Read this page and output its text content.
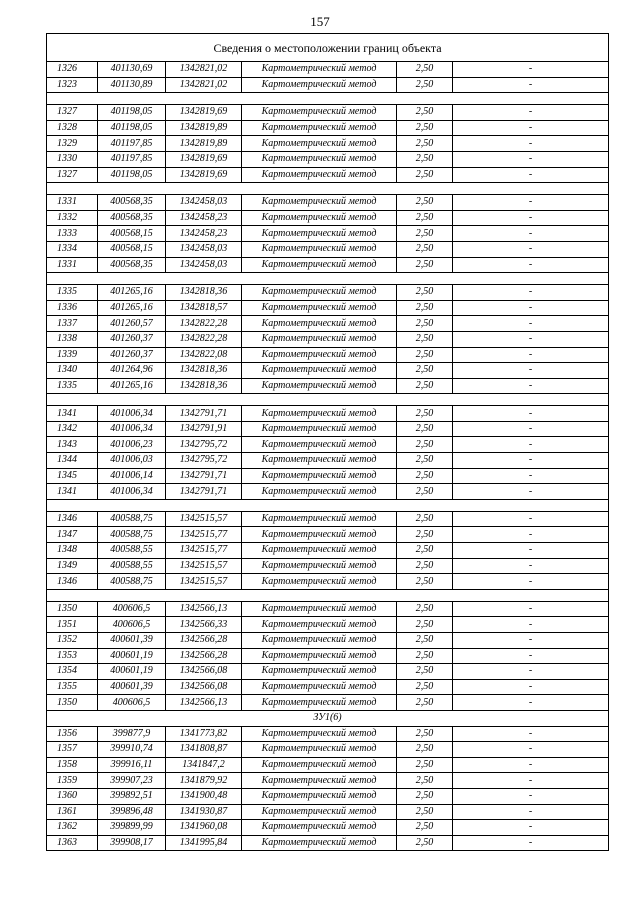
157
Сведения о местоположении границ объекта					
1326	401130,69	1342821,02	Картометрический метод	2,50	-
1323	401130,89	1342821,02	Картометрический метод	2,50	-

1327	401198,05	1342819,69	Картометрический метод	2,50	-
1328	401198,05	1342819,89	Картометрический метод	2,50	-
1329	401197,85	1342819,89	Картометрический метод	2,50	-
1330	401197,85	1342819,69	Картометрический метод	2,50	-
1327	401198,05	1342819,69	Картометрический метод	2,50	-

1331	400568,35	1342458,03	Картометрический метод	2,50	-
1332	400568,35	1342458,23	Картометрический метод	2,50	-
1333	400568,15	1342458,23	Картометрический метод	2,50	-
1334	400568,15	1342458,03	Картометрический метод	2,50	-
1331	400568,35	1342458,03	Картометрический метод	2,50	-

1335	401265,16	1342818,36	Картометрический метод	2,50	-
1336	401265,16	1342818,57	Картометрический метод	2,50	-
1337	401260,57	1342822,28	Картометрический метод	2,50	-
1338	401260,37	1342822,28	Картометрический метод	2,50	-
1339	401260,37	1342822,08	Картометрический метод	2,50	-
1340	401264,96	1342818,36	Картометрический метод	2,50	-
1335	401265,16	1342818,36	Картометрический метод	2,50	-

1341	401006,34	1342791,71	Картометрический метод	2,50	-
1342	401006,34	1342791,91	Картометрический метод	2,50	-
1343	401006,23	1342795,72	Картометрический метод	2,50	-
1344	401006,03	1342795,72	Картометрический метод	2,50	-
1345	401006,14	1342791,71	Картометрический метод	2,50	-
1341	401006,34	1342791,71	Картометрический метод	2,50	-

1346	400588,75	1342515,57	Картометрический метод	2,50	-
1347	400588,75	1342515,77	Картометрический метод	2,50	-
1348	400588,55	1342515,77	Картометрический метод	2,50	-
1349	400588,55	1342515,57	Картометрический метод	2,50	-
1346	400588,75	1342515,57	Картометрический метод	2,50	-

1350	400606,5	1342566,13	Картометрический метод	2,50	-
1351	400606,5	1342566,33	Картометрический метод	2,50	-
1352	400601,39	1342566,28	Картометрический метод	2,50	-
1353	400601,19	1342566,28	Картометрический метод	2,50	-
1354	400601,19	1342566,08	Картометрический метод	2,50	-
1355	400601,39	1342566,08	Картометрический метод	2,50	-
1350	400606,5	1342566,13	Картометрический метод	2,50	-
ЗУ1(6)					
1356	399877,9	1341773,82	Картометрический метод	2,50	-
1357	399910,74	1341808,87	Картометрический метод	2,50	-
1358	399916,11	1341847,2	Картометрический метод	2,50	-
1359	399907,23	1341879,92	Картометрический метод	2,50	-
1360	399892,51	1341900,48	Картометрический метод	2,50	-
1361	399896,48	1341930,87	Картометрический метод	2,50	-
1362	399899,99	1341960,08	Картометрический метод	2,50	-
1363	399908,17	1341995,84	Картометрический метод	2,50	-
